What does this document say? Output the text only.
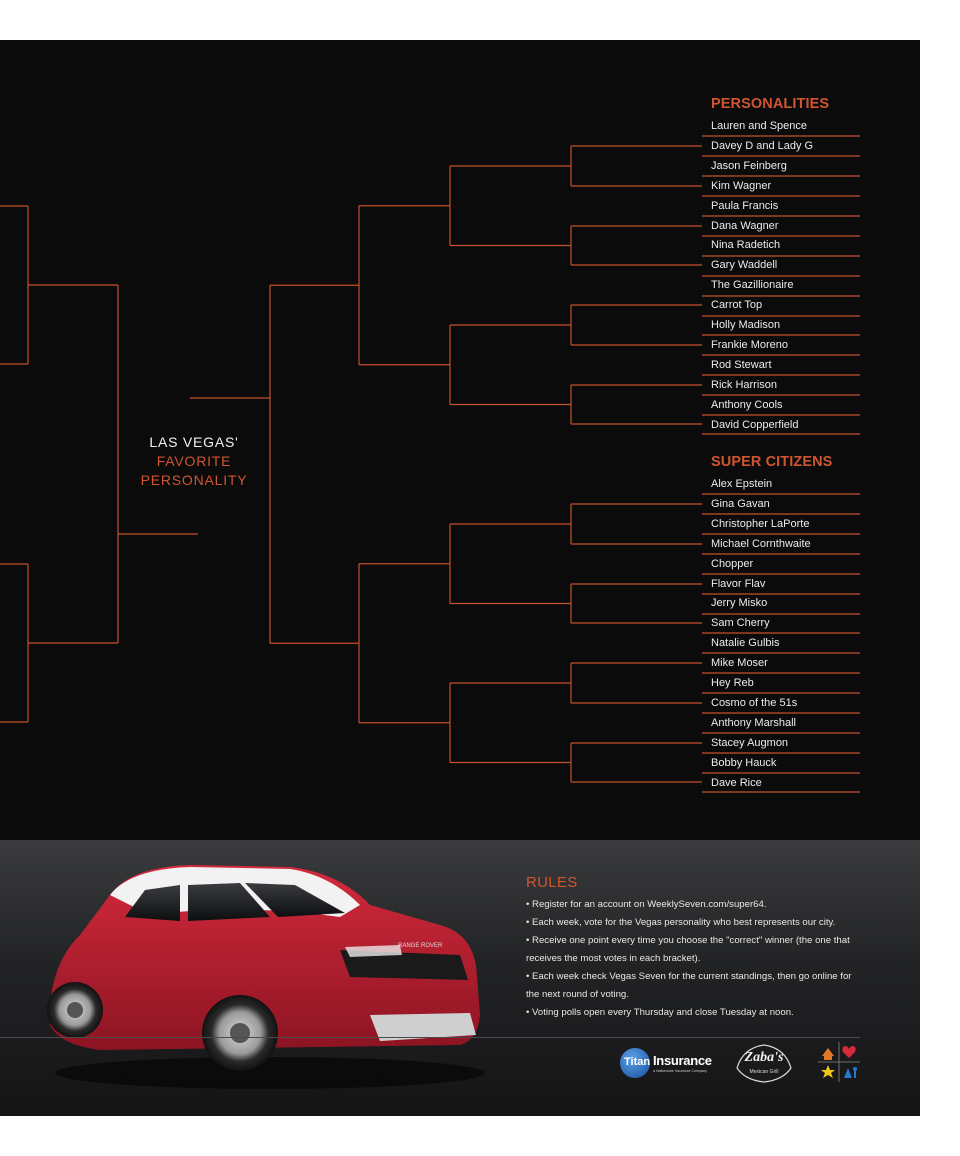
PERSONALITIES
Lauren and Spence
Davey D and Lady G
Jason Feinberg
Kim Wagner
Paula Francis
Dana Wagner
Nina Radetich
Gary Waddell
The Gazillionaire
Carrot Top
Holly Madison
Frankie Moreno
Rod Stewart
Rick Harrison
Anthony Cools
David Copperfield
SUPER CITIZENS
Alex Epstein
Gina Gavan
Christopher LaPorte
Michael Cornthwaite
Chopper
Flavor Flav
Jerry Misko
Sam Cherry
Natalie Gulbis
Mike Moser
Hey Reb
Cosmo of the 51s
Anthony Marshall
Stacey Augmon
Bobby Hauck
Dave Rice
LAS VEGAS'
FAVORITE
PERSONALITY
RANGE ROVER
RULES
• Register for an account on WeeklySeven.com/super64.
• Each week, vote for the Vegas personality who best represents our city.
• Receive one point every time you choose the "correct" winner (the one that
receives the most votes in each bracket).
• Each week check Vegas Seven for the current standings, then go online for
the next round of voting.
• Voting polls open every Thursday and close Tuesday at noon.
Titan Insurance
a Nationwide Insurance Company
Zaba's
Mexican Grill
